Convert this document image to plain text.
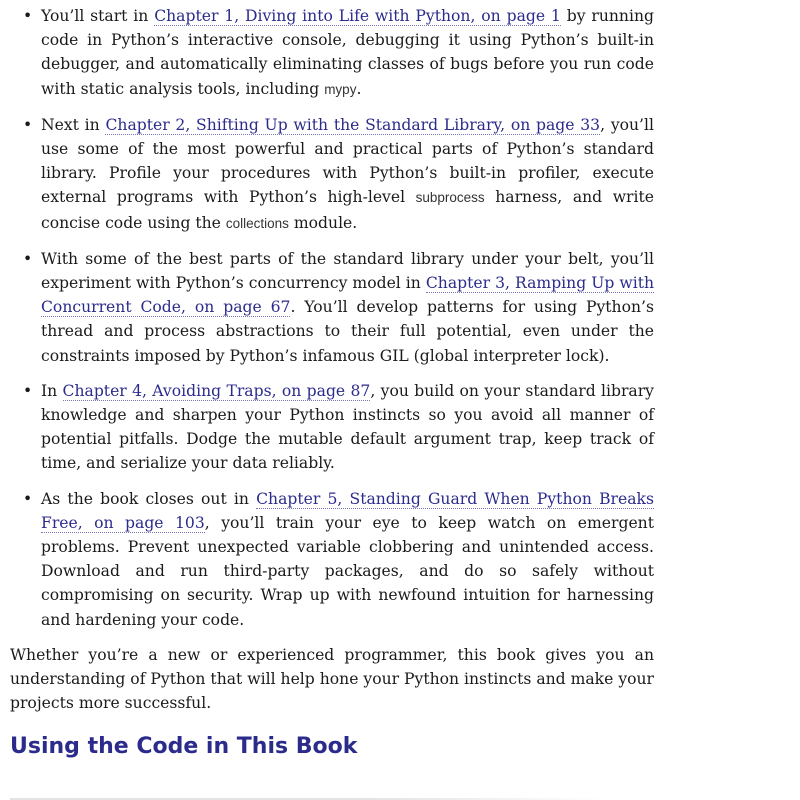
• You’ll start in Chapter 1, Diving into Life with Python, on page 1 by running code in Python’s interactive console, debugging it using Python’s built-in debugger, and automatically eliminating classes of bugs before you run code with static analysis tools, including mypy.
• Next in Chapter 2, Shifting Up with the Standard Library, on page 33, you’ll use some of the most powerful and practical parts of Python’s standard library. Profile your procedures with Python’s built-in profiler, execute external programs with Python’s high-level subprocess harness, and write concise code using the collections module.
• With some of the best parts of the standard library under your belt, you’ll experiment with Python’s concurrency model in Chapter 3, Ramping Up with Concurrent Code, on page 67. You’ll develop patterns for using Python’s thread and process abstractions to their full potential, even under the constraints imposed by Python’s infamous GIL (global interpreter lock).
• In Chapter 4, Avoiding Traps, on page 87, you build on your standard library knowledge and sharpen your Python instincts so you avoid all manner of potential pitfalls. Dodge the mutable default argument trap, keep track of time, and serialize your data reliably.
• As the book closes out in Chapter 5, Standing Guard When Python Breaks Free, on page 103, you’ll train your eye to keep watch on emergent problems. Prevent unexpected variable clobbering and unintended access. Download and run third-party packages, and do so safely without compromising on security. Wrap up with newfound intuition for harnessing and hardening your code.

Whether you’re a new or experienced programmer, this book gives you an understanding of Python that will help hone your Python instincts and make your projects more successful.

Using the Code in This Book
